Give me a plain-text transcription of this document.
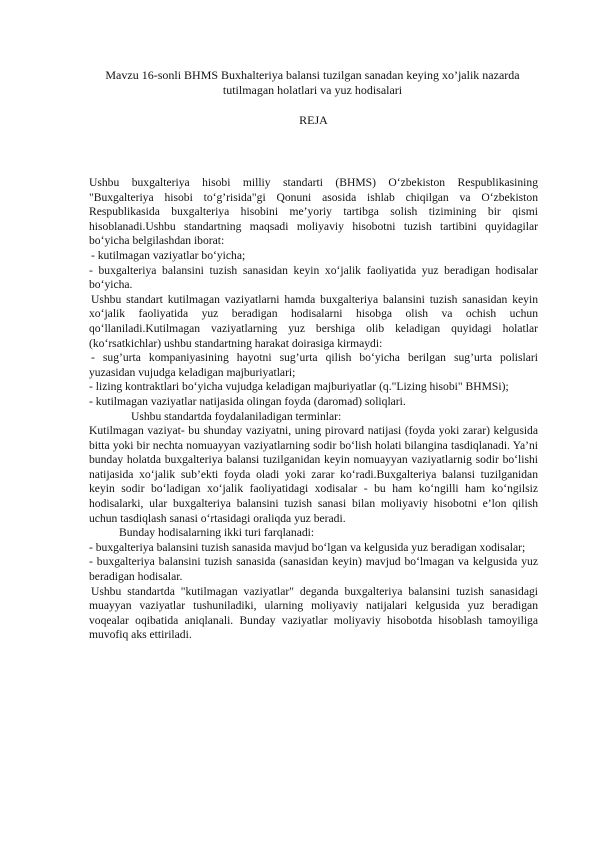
Mavzu 16-sonli BHMS Buxhalteriya balansi tuzilgan sanadan keying xo’jalik nazarda tutilmagan holatlari va yuz hodisalari
REJA

Ushbu buxgalteriya hisobi milliy standarti (BHMS) O‘zbekiston Respublikasining "Buxgalteriya hisobi to‘g’risida"gi Qonuni asosida ishlab chiqilgan va O‘zbekiston Respublikasida buxgalteriya hisobini me’yoriy tartibga solish tizimining bir qismi hisoblanadi.Ushbu standartning maqsadi moliyaviy hisobotni tuzish tartibini quyidagilar bo‘yicha belgilashdan iborat:

- kutilmagan vaziyatlar bo‘yicha;

- buxgalteriya balansini tuzish sanasidan keyin xo‘jalik faoliyatida yuz beradigan hodisalar bo‘yicha.

Ushbu standart kutilmagan vaziyatlarni hamda buxgalteriya balansini tuzish sanasidan keyin xo‘jalik faoliyatida yuz beradigan hodisalarni hisobga olish va ochish uchun qo‘llaniladi.Kutilmagan vaziyatlarning yuz bershiga olib keladigan quyidagi holatlar (ko‘rsatkichlar) ushbu standartning harakat doirasiga kirmaydi:

- sug’urta kompaniyasining hayotni sug’urta qilish bo‘yicha berilgan sug’urta polislari yuzasidan vujudga keladigan majburiyatlari;

- lizing kontraktlari bo‘yicha vujudga keladigan majburiyatlar (q."Lizing hisobi" BHMSi);

- kutilmagan vaziyatlar natijasida olingan foyda (daromad) soliqlari.

Ushbu standartda foydalaniladigan terminlar:

Kutilmagan vaziyat- bu shunday vaziyatni, uning pirovard natijasi (foyda yoki zarar) kelgusida bitta yoki bir nechta nomuayyan vaziyatlarning sodir bo‘lish holati bilangina tasdiqlanadi. Ya’ni bunday holatda buxgalteriya balansi tuzilganidan keyin nomuayyan vaziyatlarnig sodir bo‘lishi natijasida xo‘jalik sub’ekti foyda oladi yoki zarar ko‘radi.Buxgalteriya balansi tuzilganidan keyin sodir bo‘ladigan xo‘jalik faoliyatidagi xodisalar - bu ham ko‘ngilli ham ko‘ngilsiz hodisalarki, ular buxgalteriya balansini tuzish sanasi bilan moliyaviy hisobotni e’lon qilish uchun tasdiqlash sanasi o‘rtasidagi oraliqda yuz beradi.

Bunday hodisalarning ikki turi farqlanadi:

- buxgalteriya balansini tuzish sanasida mavjud bo‘lgan va kelgusida yuz beradigan xodisalar;

- buxgalteriya balansini tuzish sanasida (sanasidan keyin) mavjud bo‘lmagan va kelgusida yuz beradigan hodisalar.

Ushbu standartda "kutilmagan vaziyatlar" deganda buxgalteriya balansini tuzish sanasidagi muayyan vaziyatlar tushuniladiki, ularning moliyaviy natijalari kelgusida yuz beradigan voqealar oqibatida aniqlanali. Bunday vaziyatlar moliyaviy hisobotda hisoblash tamoyiliga muvofiq aks ettiriladi.
